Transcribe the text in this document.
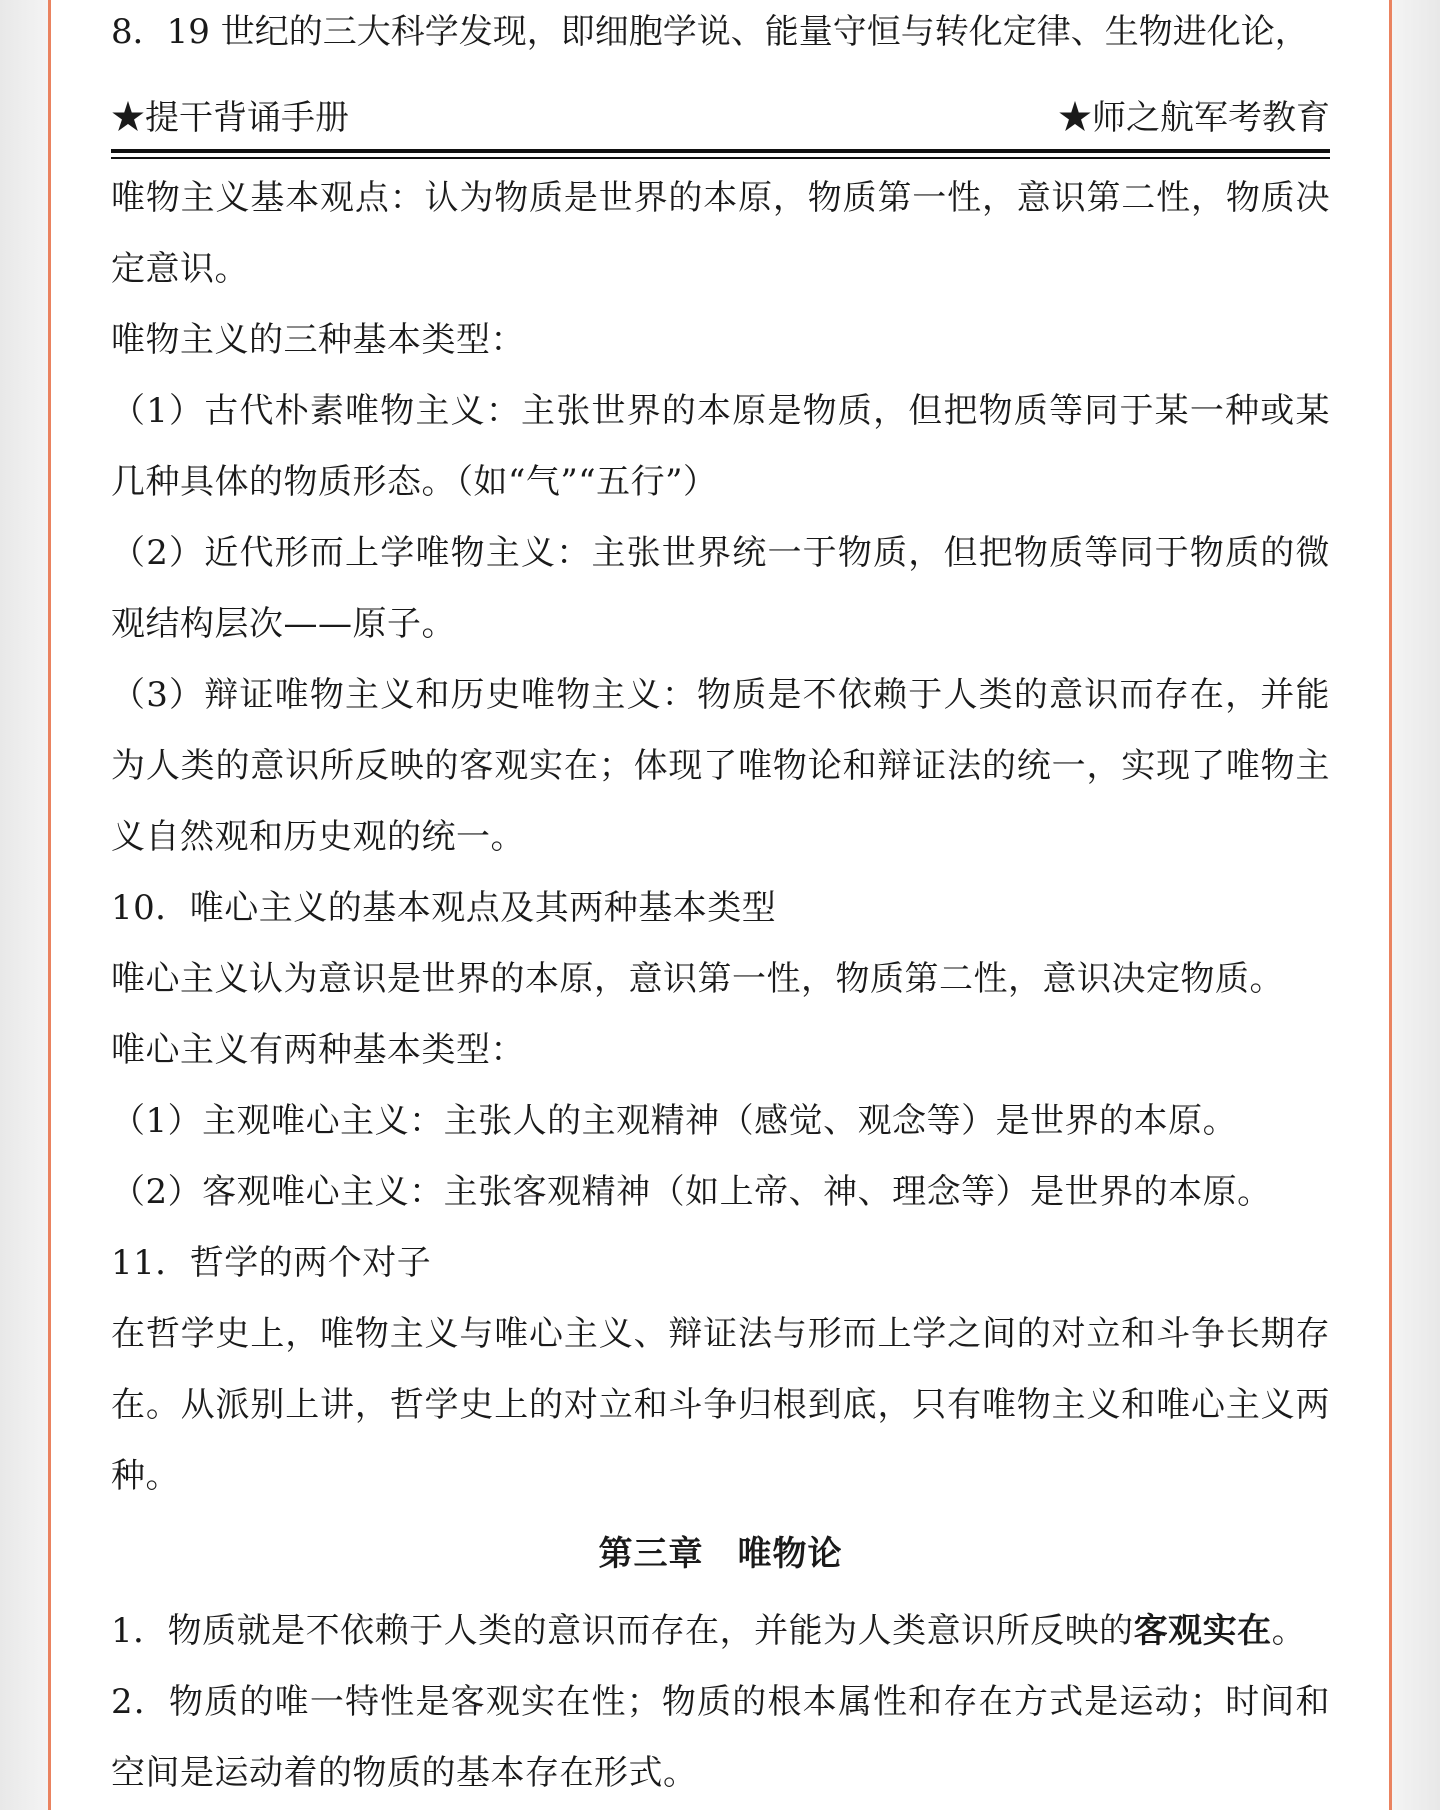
8．19 世纪的三大科学发现，即细胞学说、能量守恒与转化定律、生物进化论，
★提干背诵手册	★师之航军考教育

唯物主义基本观点：认为物质是世界的本原，物质第一性，意识第二性，物质决定意识。

唯物主义的三种基本类型：

（1）古代朴素唯物主义：主张世界的本原是物质，但把物质等同于某一种或某几种具体的物质形态。（如“气”“五行”）

（2）近代形而上学唯物主义：主张世界统一于物质，但把物质等同于物质的微观结构层次——原子。

（3）辩证唯物主义和历史唯物主义：物质是不依赖于人类的意识而存在，并能为人类的意识所反映的客观实在；体现了唯物论和辩证法的统一，实现了唯物主义自然观和历史观的统一。

10．唯心主义的基本观点及其两种基本类型

唯心主义认为意识是世界的本原，意识第一性，物质第二性，意识决定物质。

唯心主义有两种基本类型：

（1）主观唯心主义：主张人的主观精神（感觉、观念等）是世界的本原。

（2）客观唯心主义：主张客观精神（如上帝、神、理念等）是世界的本原。

11．哲学的两个对子

在哲学史上，唯物主义与唯心主义、辩证法与形而上学之间的对立和斗争长期存在。从派别上讲，哲学史上的对立和斗争归根到底，只有唯物主义和唯心主义两种。

第三章 唯物论

1．物质就是不依赖于人类的意识而存在，并能为人类意识所反映的客观实在。

2．物质的唯一特性是客观实在性；物质的根本属性和存在方式是运动；时间和空间是运动着的物质的基本存在形式。
